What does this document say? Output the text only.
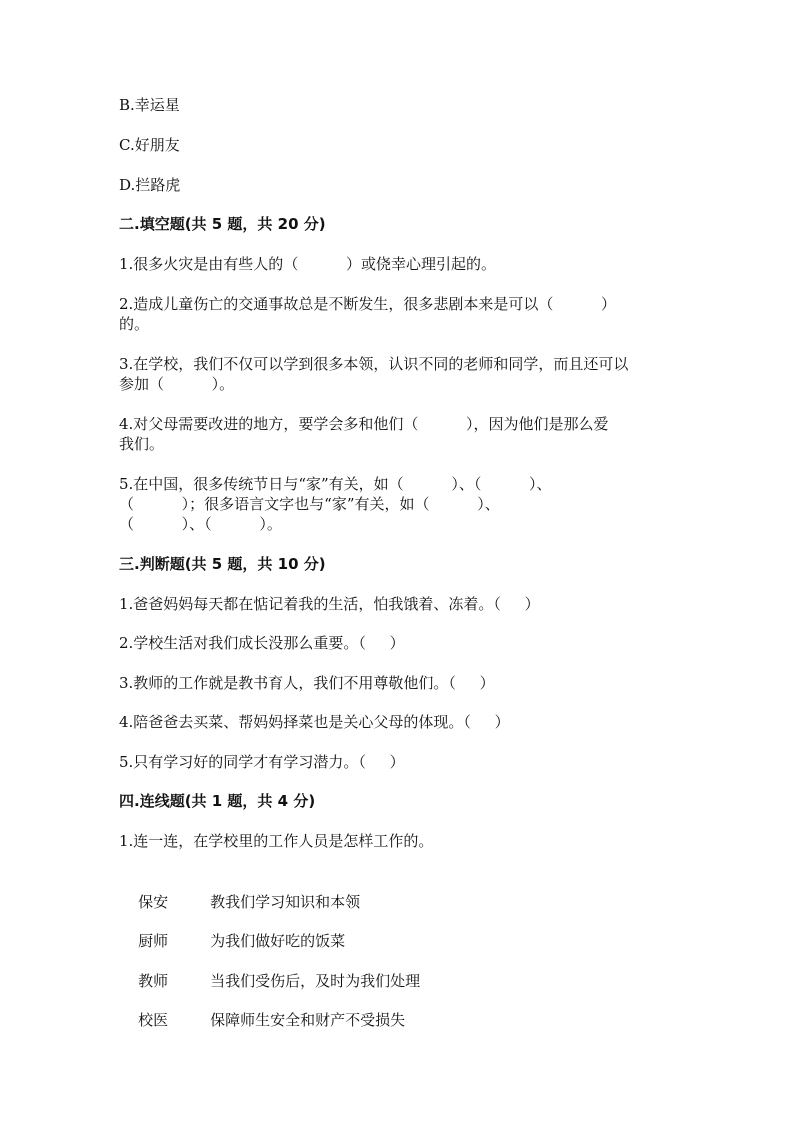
B.幸运星
C.好朋友
D.拦路虎
二.填空题(共 5 题，共 20 分)
1.很多火灾是由有些人的（          ）或侥幸心理引起的。
2.造成儿童伤亡的交通事故总是不断发生，很多悲剧本来是可以（          ）
的。
3.在学校，我们不仅可以学到很多本领，认识不同的老师和同学，而且还可以
参加（          ）。
4.对父母需要改进的地方，要学会多和他们（          ），因为他们是那么爱
我们。
5.在中国，很多传统节日与“家”有关，如（          ）、（          ）、
（          ）；很多语言文字也与“家”有关，如（          ）、
（          ）、（          ）。
三.判断题(共 5 题，共 10 分)
1.爸爸妈妈每天都在惦记着我的生活，怕我饿着、冻着。（     ）
2.学校生活对我们成长没那么重要。（     ）
3.教师的工作就是教书育人，我们不用尊敬他们。（     ）
4.陪爸爸去买菜、帮妈妈择菜也是关心父母的体现。（     ）
5.只有学习好的同学才有学习潜力。（     ）
四.连线题(共 1 题，共 4 分)
1.连一连，在学校里的工作人员是怎样工作的。

保安	教我们学习知识和本领

厨师	为我们做好吃的饭菜

教师	当我们受伤后，及时为我们处理

校医	保障师生安全和财产不受损失
